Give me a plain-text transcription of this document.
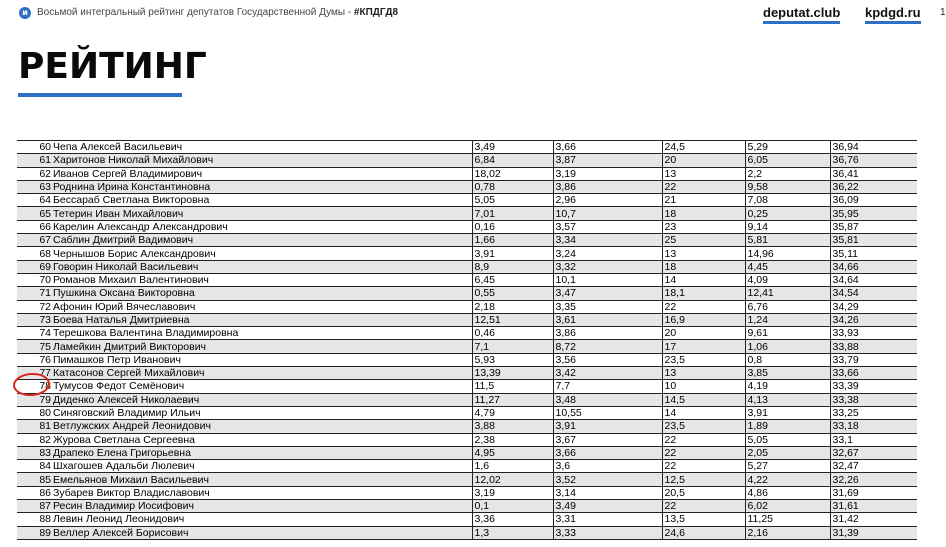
и Восьмой интегральный рейтинг депутатов Государственной Думы - #КПДГД8	deputat.club kpdgd.ru 1
РЕЙТИНГ
60	Чепа Алексей Васильевич	3,49	3,66	24,5	5,29	36,94
61	Харитонов Николай Михайлович	6,84	3,87	20	6,05	36,76
62	Иванов Сергей Владимирович	18,02	3,19	13	2,2	36,41
63	Роднина Ирина Константиновна	0,78	3,86	22	9,58	36,22
64	Бессараб Светлана Викторовна	5,05	2,96	21	7,08	36,09
65	Тетерин Иван Михайлович	7,01	10,7	18	0,25	35,95
66	Карелин Александр Александрович	0,16	3,57	23	9,14	35,87
67	Саблин Дмитрий Вадимович	1,66	3,34	25	5,81	35,81
68	Чернышов Борис Александрович	3,91	3,24	13	14,96	35,11
69	Говорин Николай Васильевич	8,9	3,32	18	4,45	34,66
70	Романов Михаил Валентинович	6,45	10,1	14	4,09	34,64
71	Пушкина Оксана Викторовна	0,55	3,47	18,1	12,41	34,54
72	Афонин Юрий Вячеславович	2,18	3,35	22	6,76	34,29
73	Боева Наталья Дмитриевна	12,51	3,61	16,9	1,24	34,26
74	Терешкова Валентина Владимировна	0,46	3,86	20	9,61	33,93
75	Ламейкин Дмитрий Викторович	7,1	8,72	17	1,06	33,88
76	Пимашков Петр Иванович	5,93	3,56	23,5	0,8	33,79
77	Катасонов Сергей Михайлович	13,39	3,42	13	3,85	33,66
78	Тумусов Федот Семёнович	11,5	7,7	10	4,19	33,39
79	Диденко Алексей Николаевич	11,27	3,48	14,5	4,13	33,38
80	Синяговский Владимир Ильич	4,79	10,55	14	3,91	33,25
81	Ветлужских Андрей Леонидович	3,88	3,91	23,5	1,89	33,18
82	Журова Светлана Сергеевна	2,38	3,67	22	5,05	33,1
83	Драпеко Елена Григорьевна	4,95	3,66	22	2,05	32,67
84	Шхагошев Адальби Люлевич	1,6	3,6	22	5,27	32,47
85	Емельянов Михаил Васильевич	12,02	3,52	12,5	4,22	32,26
86	Зубарев Виктор Владиславович	3,19	3,14	20,5	4,86	31,69
87	Ресин Владимир Иосифович	0,1	3,49	22	6,02	31,61
88	Левин Леонид Леонидович	3,36	3,31	13,5	11,25	31,42
89	Веллер Алексей Борисович	1,3	3,33	24,6	2,16	31,39
